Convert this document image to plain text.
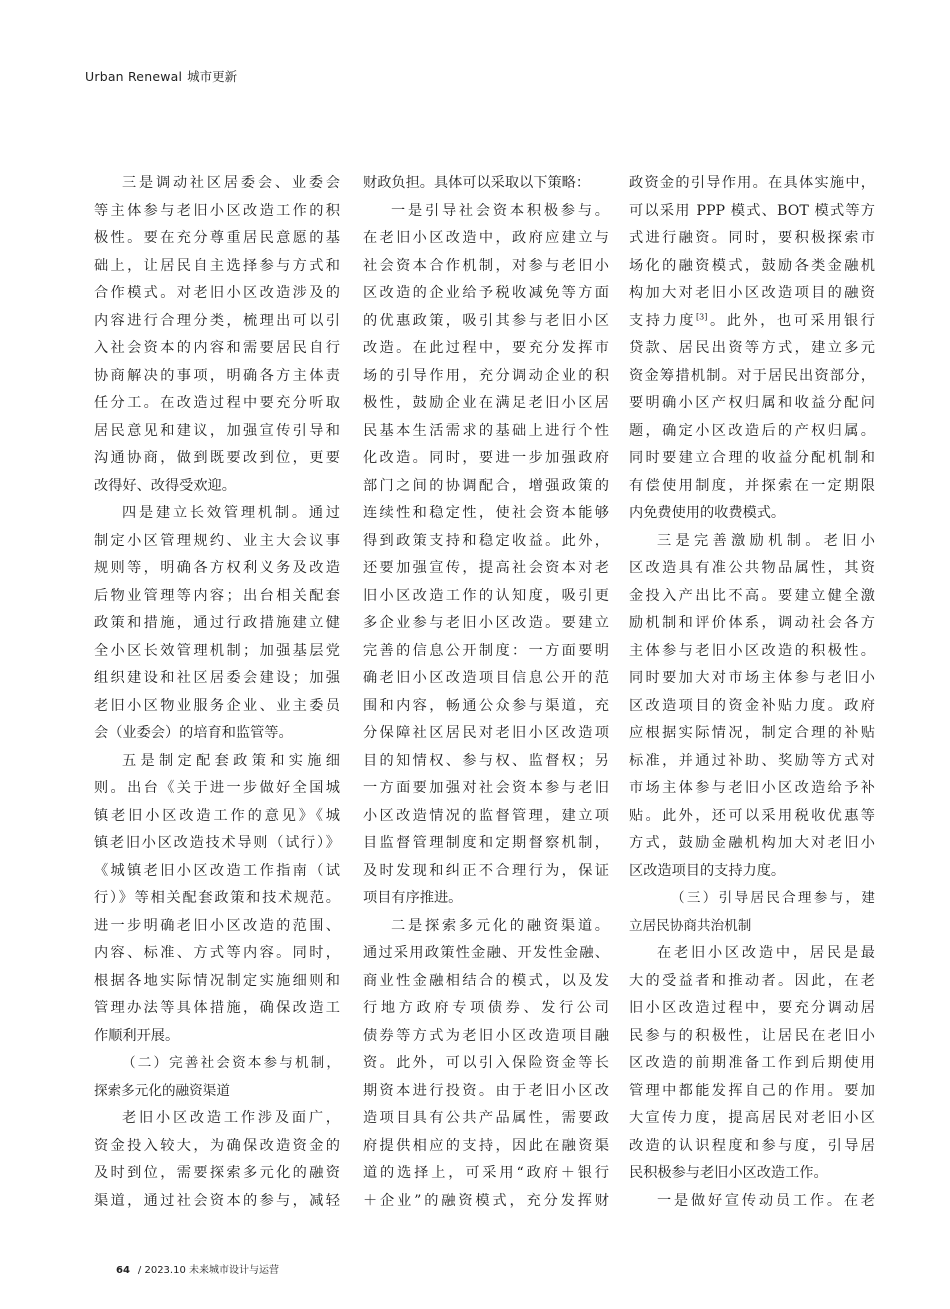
Urban Renewal 城市更新
三是调动社区居委会、业委会
等主体参与老旧小区改造工作的积
极性。要在充分尊重居民意愿的基
础上，让居民自主选择参与方式和
合作模式。对老旧小区改造涉及的
内容进行合理分类，梳理出可以引
入社会资本的内容和需要居民自行
协商解决的事项，明确各方主体责
任分工。在改造过程中要充分听取
居民意见和建议，加强宣传引导和
沟通协商，做到既要改到位，更要
改得好、改得受欢迎。
四是建立长效管理机制。通过
制定小区管理规约、业主大会议事
规则等，明确各方权利义务及改造
后物业管理等内容；出台相关配套
政策和措施，通过行政措施建立健
全小区长效管理机制；加强基层党
组织建设和社区居委会建设；加强
老旧小区物业服务企业、业主委员
会（业委会）的培育和监管等。
五是制定配套政策和实施细
则。出台《关于进一步做好全国城
镇老旧小区改造工作的意见》《城
镇老旧小区改造技术导则（试行）》
《城镇老旧小区改造工作指南（试
行）》等相关配套政策和技术规范。
进一步明确老旧小区改造的范围、
内容、标准、方式等内容。同时，
根据各地实际情况制定实施细则和
管理办法等具体措施，确保改造工
作顺利开展。
（二）完善社会资本参与机制，
探索多元化的融资渠道
老旧小区改造工作涉及面广，
资金投入较大，为确保改造资金的
及时到位，需要探索多元化的融资
渠道，通过社会资本的参与，减轻
财政负担。具体可以采取以下策略：
一是引导社会资本积极参与。
在老旧小区改造中，政府应建立与
社会资本合作机制，对参与老旧小
区改造的企业给予税收减免等方面
的优惠政策，吸引其参与老旧小区
改造。在此过程中，要充分发挥市
场的引导作用，充分调动企业的积
极性，鼓励企业在满足老旧小区居
民基本生活需求的基础上进行个性
化改造。同时，要进一步加强政府
部门之间的协调配合，增强政策的
连续性和稳定性，使社会资本能够
得到政策支持和稳定收益。此外，
还要加强宣传，提高社会资本对老
旧小区改造工作的认知度，吸引更
多企业参与老旧小区改造。要建立
完善的信息公开制度：一方面要明
确老旧小区改造项目信息公开的范
围和内容，畅通公众参与渠道，充
分保障社区居民对老旧小区改造项
目的知情权、参与权、监督权；另
一方面要加强对社会资本参与老旧
小区改造情况的监督管理，建立项
目监督管理制度和定期督察机制，
及时发现和纠正不合理行为，保证
项目有序推进。
二是探索多元化的融资渠道。
通过采用政策性金融、开发性金融、
商业性金融相结合的模式，以及发
行地方政府专项债券、发行公司
债券等方式为老旧小区改造项目融
资。此外，可以引入保险资金等长
期资本进行投资。由于老旧小区改
造项目具有公共产品属性，需要政
府提供相应的支持，因此在融资渠
道的选择上，可采用“政府＋银行
＋企业”的融资模式，充分发挥财
政资金的引导作用。在具体实施中，
可以采用 PPP 模式、BOT 模式等方
式进行融资。同时，要积极探索市
场化的融资模式，鼓励各类金融机
构加大对老旧小区改造项目的融资
支持力度[3]。此外，也可采用银行
贷款、居民出资等方式，建立多元
资金筹措机制。对于居民出资部分，
要明确小区产权归属和收益分配问
题，确定小区改造后的产权归属。
同时要建立合理的收益分配机制和
有偿使用制度，并探索在一定期限
内免费使用的收费模式。
三是完善激励机制。老旧小
区改造具有准公共物品属性，其资
金投入产出比不高。要建立健全激
励机制和评价体系，调动社会各方
主体参与老旧小区改造的积极性。
同时要加大对市场主体参与老旧小
区改造项目的资金补贴力度。政府
应根据实际情况，制定合理的补贴
标准，并通过补助、奖励等方式对
市场主体参与老旧小区改造给予补
贴。此外，还可以采用税收优惠等
方式，鼓励金融机构加大对老旧小
区改造项目的支持力度。
（三）引导居民合理参与，建
立居民协商共治机制
在老旧小区改造中，居民是最
大的受益者和推动者。因此，在老
旧小区改造过程中，要充分调动居
民参与的积极性，让居民在老旧小
区改造的前期准备工作到后期使用
管理中都能发挥自己的作用。要加
大宣传力度，提高居民对老旧小区
改造的认识程度和参与度，引导居
民积极参与老旧小区改造工作。
一是做好宣传动员工作。在老
64 / 2023.10 未来城市设计与运营
